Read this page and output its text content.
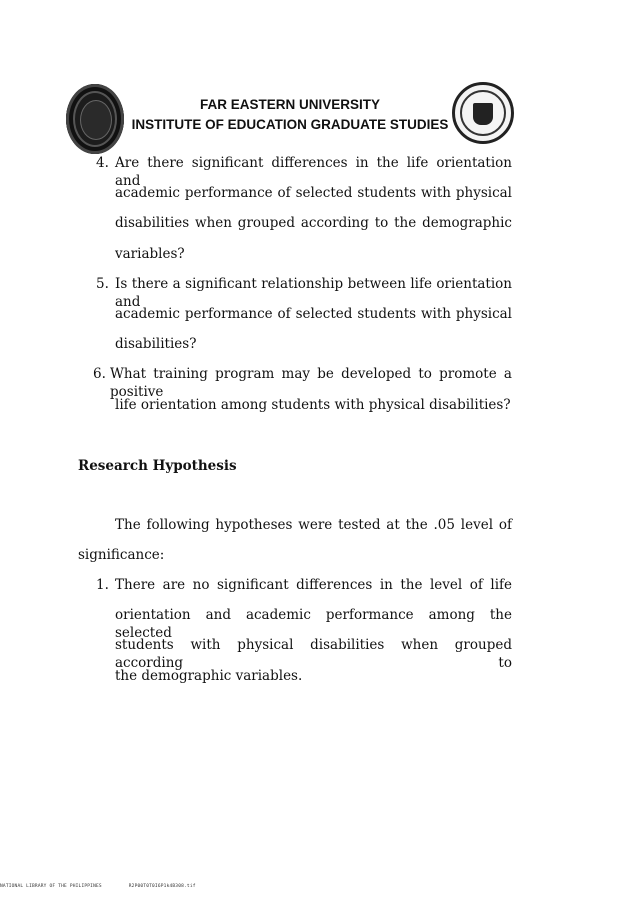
FAR EASTERN UNIVERSITY
INSTITUTE OF EDUCATION GRADUATE STUDIES
4. Are there significant differences in the life orientation and
academic performance of selected students with physical
disabilities when grouped according to the demographic
variables?
5. Is there a significant relationship between life orientation and
academic performance of selected students with physical
disabilities?
6. What training program may be developed to promote a positive
life orientation among students with physical disabilities?
Research Hypothesis
The following hypotheses were tested at the .05 level of
significance:
1. There are no significant differences in the level of life
orientation and academic performance among the selected
students with physical disabilities when grouped according to
the demographic variables.
NATIONAL LIBRARY OF THE PHILIPPINES	R2P00T0T0I6P1k4B308.tif
